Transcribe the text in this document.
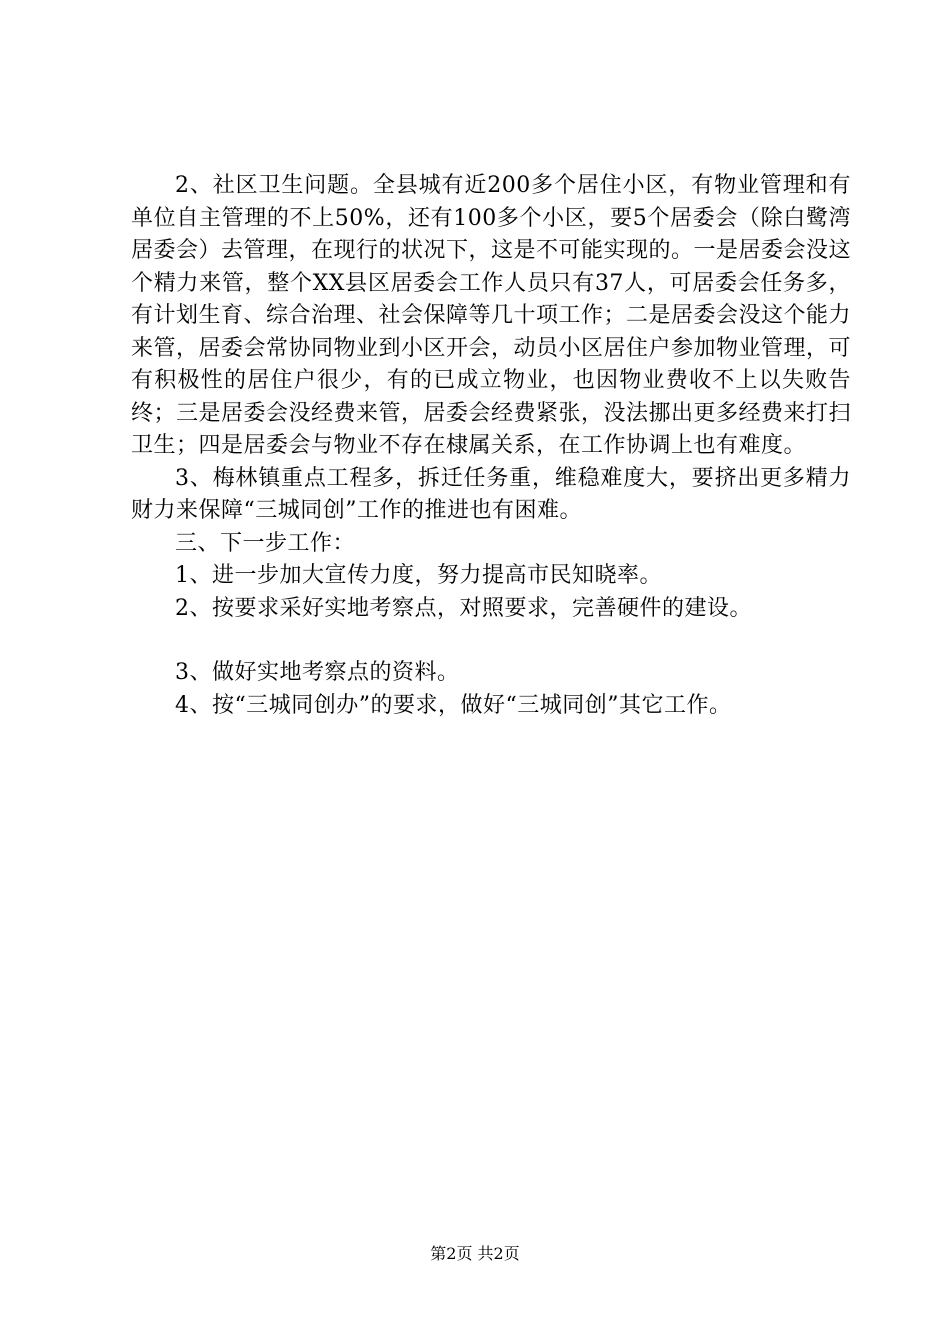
2、社区卫生问题。全县城有近200多个居住小区，有物业管理和有单位自主管理的不上50%，还有100多个小区，要5个居委会（除白鹭湾居委会）去管理，在现行的状况下，这是不可能实现的。一是居委会没这个精力来管，整个XX县区居委会工作人员只有37人，可居委会任务多，有计划生育、综合治理、社会保障等几十项工作；二是居委会没这个能力来管，居委会常协同物业到小区开会，动员小区居住户参加物业管理，可有积极性的居住户很少，有的已成立物业，也因物业费收不上以失败告终；三是居委会没经费来管，居委会经费紧张，没法挪出更多经费来打扫卫生；四是居委会与物业不存在棣属关系，在工作协调上也有难度。

3、梅林镇重点工程多，拆迁任务重，维稳难度大，要挤出更多精力财力来保障“三城同创”工作的推进也有困难。

三、下一步工作：

1、进一步加大宣传力度，努力提高市民知晓率。

2、按要求采好实地考察点，对照要求，完善硬件的建设。

3、做好实地考察点的资料。

4、按“三城同创办”的要求，做好“三城同创”其它工作。

第2页 共2页
